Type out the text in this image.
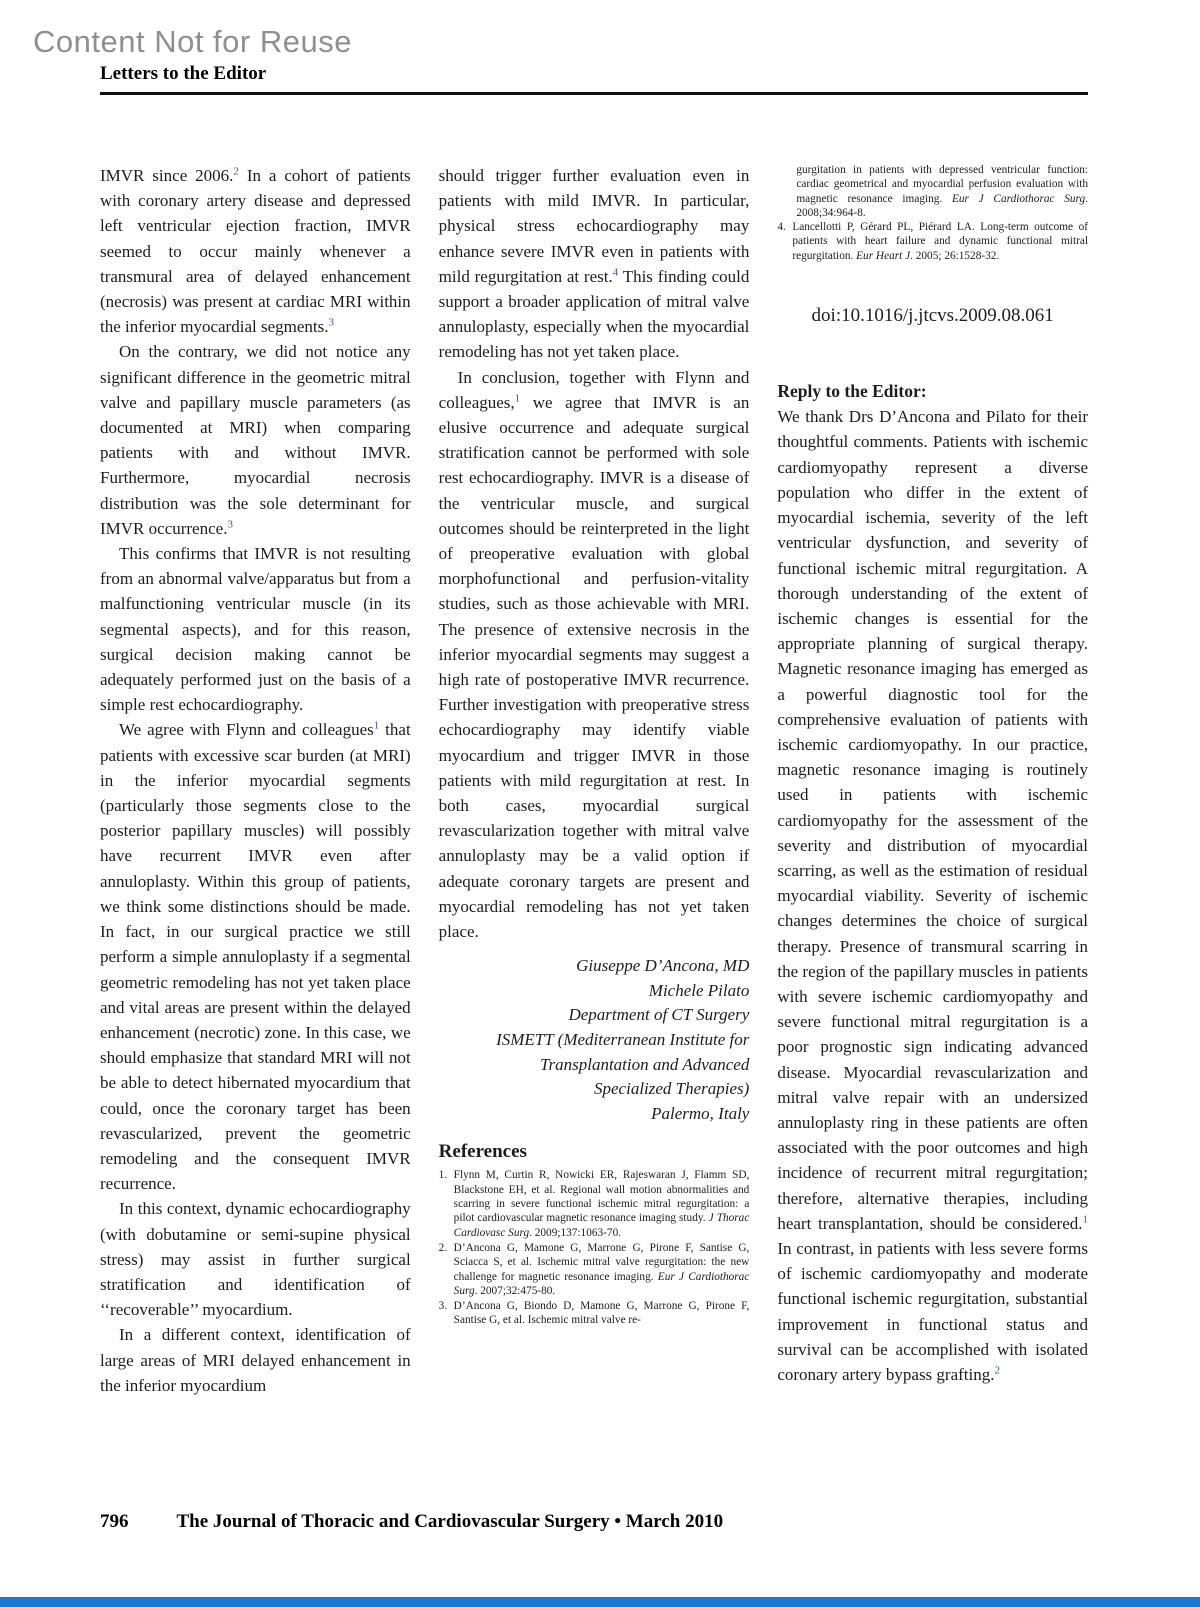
Content Not for Reuse
Letters to the Editor

IMVR since 2006.$^2$ In a cohort of patients with coronary artery disease and depressed left ventricular ejection fraction, IMVR seemed to occur mainly whenever a transmural area of delayed enhancement (necrosis) was present at cardiac MRI within the inferior myocardial segments.$^3$

On the contrary, we did not notice any significant difference in the geometric mitral valve and papillary muscle parameters (as documented at MRI) when comparing patients with and without IMVR. Furthermore, myocardial necrosis distribution was the sole determinant for IMVR occurrence.$^3$

This confirms that IMVR is not resulting from an abnormal valve/apparatus but from a malfunctioning ventricular muscle (in its segmental aspects), and for this reason, surgical decision making cannot be adequately performed just on the basis of a simple rest echocardiography.

We agree with Flynn and colleagues$^1$ that patients with excessive scar burden (at MRI) in the inferior myocardial segments (particularly those segments close to the posterior papillary muscles) will possibly have recurrent IMVR even after annuloplasty. Within this group of patients, we think some distinctions should be made. In fact, in our surgical practice we still perform a simple annuloplasty if a segmental geometric remodeling has not yet taken place and vital areas are present within the delayed enhancement (necrotic) zone. In this case, we should emphasize that standard MRI will not be able to detect hibernated myocardium that could, once the coronary target has been revascularized, prevent the geometric remodeling and the consequent IMVR recurrence.

In this context, dynamic echocardiography (with dobutamine or semi-supine physical stress) may assist in further surgical stratification and identification of ‘‘recoverable’’ myocardium.

In a different context, identification of large areas of MRI delayed enhancement in the inferior myocardium

should trigger further evaluation even in patients with mild IMVR. In particular, physical stress echocardiography may enhance severe IMVR even in patients with mild regurgitation at rest.$^4$ This finding could support a broader application of mitral valve annuloplasty, especially when the myocardial remodeling has not yet taken place.

In conclusion, together with Flynn and colleagues,$^1$ we agree that IMVR is an elusive occurrence and adequate surgical stratification cannot be performed with sole rest echocardiography. IMVR is a disease of the ventricular muscle, and surgical outcomes should be reinterpreted in the light of preoperative evaluation with global morphofunctional and perfusion-vitality studies, such as those achievable with MRI. The presence of extensive necrosis in the inferior myocardial segments may suggest a high rate of postoperative IMVR recurrence. Further investigation with preoperative stress echocardiography may identify viable myocardium and trigger IMVR in those patients with mild regurgitation at rest. In both cases, myocardial surgical revascularization together with mitral valve annuloplasty may be a valid option if adequate coronary targets are present and myocardial remodeling has not yet taken place.

Giuseppe D’Ancona, MD
Michele Pilato
Department of CT Surgery
ISMETT (Mediterranean Institute for
Transplantation and Advanced
Specialized Therapies)
Palermo, Italy
References
1. Flynn M, Curtin R, Nowicki ER, Rajeswaran J, Flamm SD, Blackstone EH, et al. Regional wall motion abnormalities and scarring in severe functional ischemic mitral regurgitation: a pilot cardiovascular magnetic resonance imaging study. J Thorac Cardiovasc Surg. 2009;137:1063-70.
2. D’Ancona G, Mamone G, Marrone G, Pirone F, Santise G, Sciacca S, et al. Ischemic mitral valve regurgitation: the new challenge for magnetic resonance imaging. Eur J Cardiothorac Surg. 2007;32:475-80.
3. D’Ancona G, Biondo D, Mamone G, Marrone G, Pirone F, Santise G, et al. Ischemic mitral valve re-
gurgitation in patients with depressed ventricular function: cardiac geometrical and myocardial perfusion evaluation with magnetic resonance imaging. Eur J Cardiothorac Surg. 2008;34:964-8.
4. Lancellotti P, Gérard PL, Piérard LA. Long-term outcome of patients with heart failure and dynamic functional mitral regurgitation. Eur Heart J. 2005; 26:1528-32.
doi:10.1016/j.jtcvs.2009.08.061
Reply to the Editor:

We thank Drs D’Ancona and Pilato for their thoughtful comments. Patients with ischemic cardiomyopathy represent a diverse population who differ in the extent of myocardial ischemia, severity of the left ventricular dysfunction, and severity of functional ischemic mitral regurgitation. A thorough understanding of the extent of ischemic changes is essential for the appropriate planning of surgical therapy. Magnetic resonance imaging has emerged as a powerful diagnostic tool for the comprehensive evaluation of patients with ischemic cardiomyopathy. In our practice, magnetic resonance imaging is routinely used in patients with ischemic cardiomyopathy for the assessment of the severity and distribution of myocardial scarring, as well as the estimation of residual myocardial viability. Severity of ischemic changes determines the choice of surgical therapy. Presence of transmural scarring in the region of the papillary muscles in patients with severe ischemic cardiomyopathy and severe functional mitral regurgitation is a poor prognostic sign indicating advanced disease. Myocardial revascularization and mitral valve repair with an undersized annuloplasty ring in these patients are often associated with the poor outcomes and high incidence of recurrent mitral regurgitation; therefore, alternative therapies, including heart transplantation, should be considered.$^1$ In contrast, in patients with less severe forms of ischemic cardiomyopathy and moderate functional ischemic regurgitation, substantial improvement in functional status and survival can be accomplished with isolated coronary artery bypass grafting.$^2$

796	The Journal of Thoracic and Cardiovascular Surgery • March 2010
